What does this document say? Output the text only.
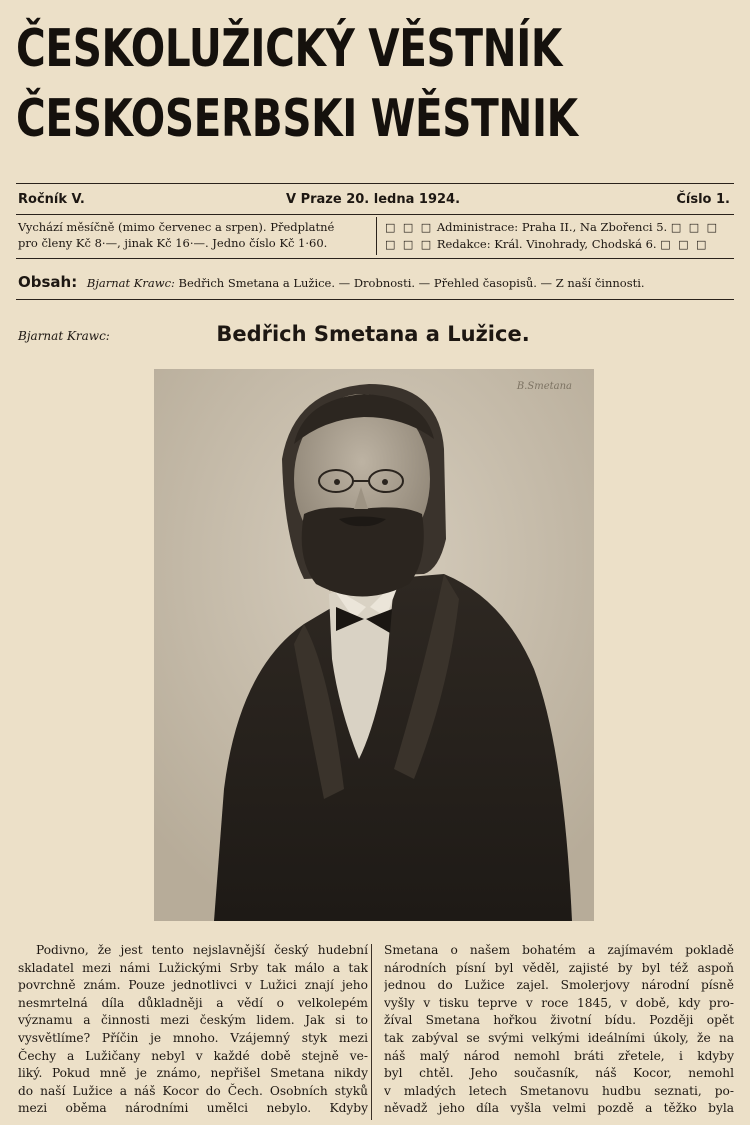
ČESKOLUŽICKÝ VĚSTNÍK
ČESKOSERBSKI WĚSTNIK
Ročník V.	V Praze 20. ledna 1924.	Číslo 1.
Vychází měsíčně (mimo červenec a srpen). Předplatné
pro členy Kč 8·—, jinak Kč 16·—. Jedno číslo Kč 1·60.
□ □ □ Administrace: Praha II., Na Zbořenci 5. □ □ □
□ □ □ Redakce: Král. Vinohrady, Chodská 6. □ □ □
Obsah: Bjarnat Krawc: Bedřich Smetana a Lužice. — Drobnosti. — Přehled časopisů. — Z naší činnosti.
Bjarnat Krawc:	Bedřich Smetana a Lužice.
B.Smetana
Podivno, že jest tento nejslavnější český hudební
skladatel mezi námi Lužickými Srby tak málo a tak
povrchně znám. Pouze jednotlivci v Lužici znají jeho
nesmrtelná díla důkladněji a vědí o velkolepém
významu a činnosti mezi českým lidem. Jak si to
vysvětlíme? Příčin je mnoho. Vzájemný styk mezi
Čechy a Lužičany nebyl v každé době stejně ve-
liký. Pokud mně je známo, nepřišel Smetana nikdy
do naší Lužice a náš Kocor do Čech. Osobních styků
mezi oběma národními umělci nebylo. Kdyby
Smetana o našem bohatém a zajímavém pokladě
národních písní byl věděl, zajisté by byl též aspoň
jednou do Lužice zajel. Smolerjovy národní písně
vyšly v tisku teprve v roce 1845, v době, kdy pro-
žíval Smetana hořkou životní bídu. Později opět
tak zabýval se svými velkými ideálními úkoly, že na
náš malý národ nemohl bráti zřetele, i kdyby
byl chtěl. Jeho současník, náš Kocor, nemohl
v mladých letech Smetanovu hudbu seznati, po-
něvadž jeho díla vyšla velmi pozdě a těžko byla
